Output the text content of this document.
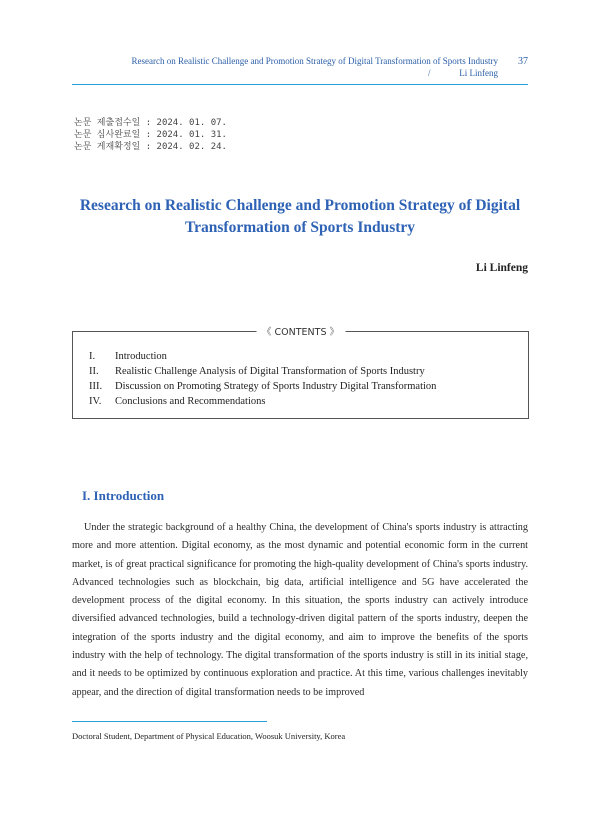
Research on Realistic Challenge and Promotion Strategy of Digital Transformation of Sports Industry
/	Li Linfeng
37
논문 제출접수일 : 2024. 01. 07.
논문 심사완료일 : 2024. 01. 31.
논문 게재확정일 : 2024. 02. 24.
Research on Realistic Challenge and Promotion Strategy of Digital Transformation of Sports Industry
Li Linfeng
《 CONTENTS 》
I.	Introduction
II.	Realistic Challenge Analysis of Digital Transformation of Sports Industry
III.	Discussion on Promoting Strategy of Sports Industry Digital Transformation
IV.	Conclusions and Recommendations
I. Introduction

Under the strategic background of a healthy China, the development of China's sports industry is attracting more and more attention. Digital economy, as the most dynamic and potential economic form in the current market, is of great practical significance for promoting the high-quality development of China's sports industry. Advanced technologies such as blockchain, big data, artificial intelligence and 5G have accelerated the development process of the digital economy. In this situation, the sports industry can actively introduce diversified advanced technologies, build a technology-driven digital pattern of the sports industry, deepen the integration of the sports industry and the digital economy, and aim to improve the benefits of the sports industry with the help of technology. The digital transformation of the sports industry is still in its initial stage, and it needs to be optimized by continuous exploration and practice. At this time, various challenges inevitably appear, and the direction of digital transformation needs to be improved

Doctoral Student, Department of Physical Education, Woosuk University, Korea
